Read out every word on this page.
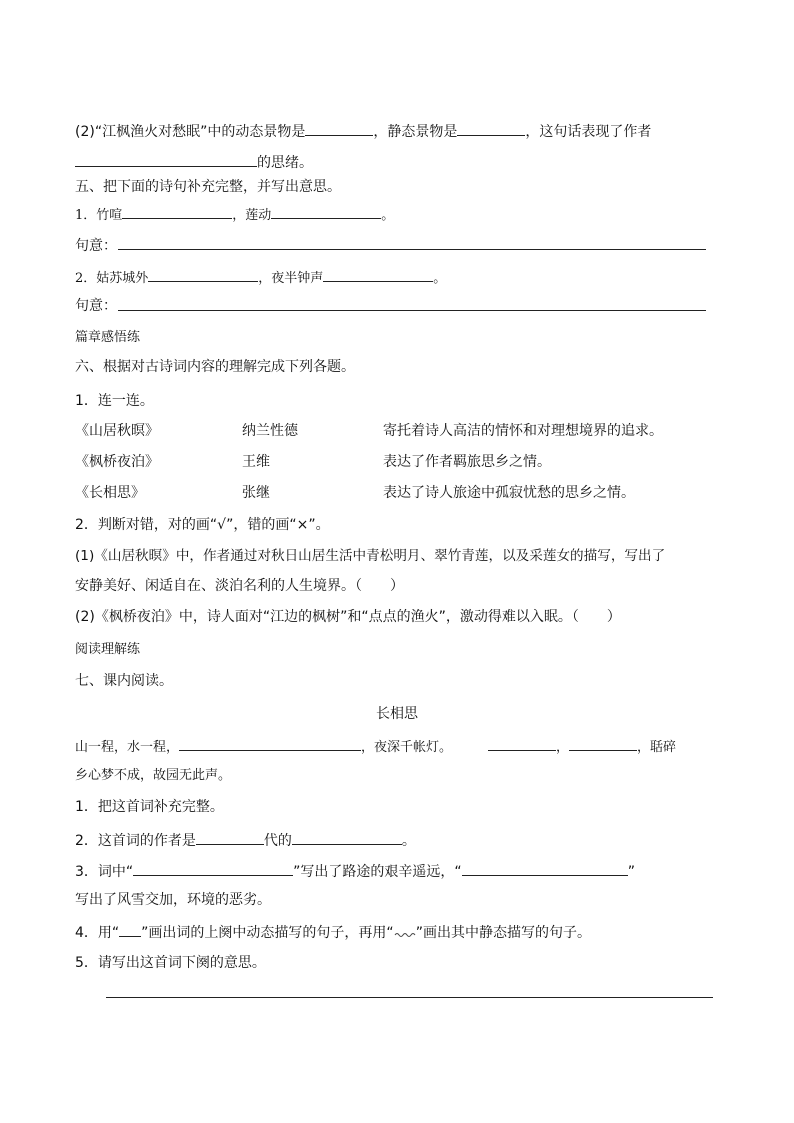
(2)“江枫渔火对愁眠”中的动态景物是	，静态景物是	，这句话表现了作者
的思绪。
五、把下面的诗句补充完整，并写出意思。
1．竹喧	，莲动	。
句意：
2．姑苏城外	，夜半钟声	。
句意：
篇章感悟练
六、根据对古诗词内容的理解完成下列各题。
1．连一连。
《山居秋暝》	纳兰性德	寄托着诗人高洁的情怀和对理想境界的追求。
《枫桥夜泊》	王维	表达了作者羁旅思乡之情。
《长相思》	张继	表达了诗人旅途中孤寂忧愁的思乡之情。
2．判断对错，对的画“√”，错的画“×”。
(1)《山居秋暝》中，作者通过对秋日山居生活中青松明月、翠竹青莲，以及采莲女的描写，写出了
安静美好、闲适自在、淡泊名利的人生境界。（ ）
(2)《枫桥夜泊》中，诗人面对“江边的枫树”和“点点的渔火”，激动得难以入眠。（ ）
阅读理解练
七、课内阅读。
长相思
山一程，水一程，	，夜深千帐灯。	，	，聒碎
乡心梦不成，故园无此声。
1．把这首词补充完整。
2．这首词的作者是	代的	。
3．词中“	”写出了路途的艰辛遥远，“	”
写出了风雪交加，环境的恶劣。
4．用“ ”画出词的上阕中动态描写的句子，再用“ ”画出其中静态描写的句子。
5．请写出这首词下阕的意思。
